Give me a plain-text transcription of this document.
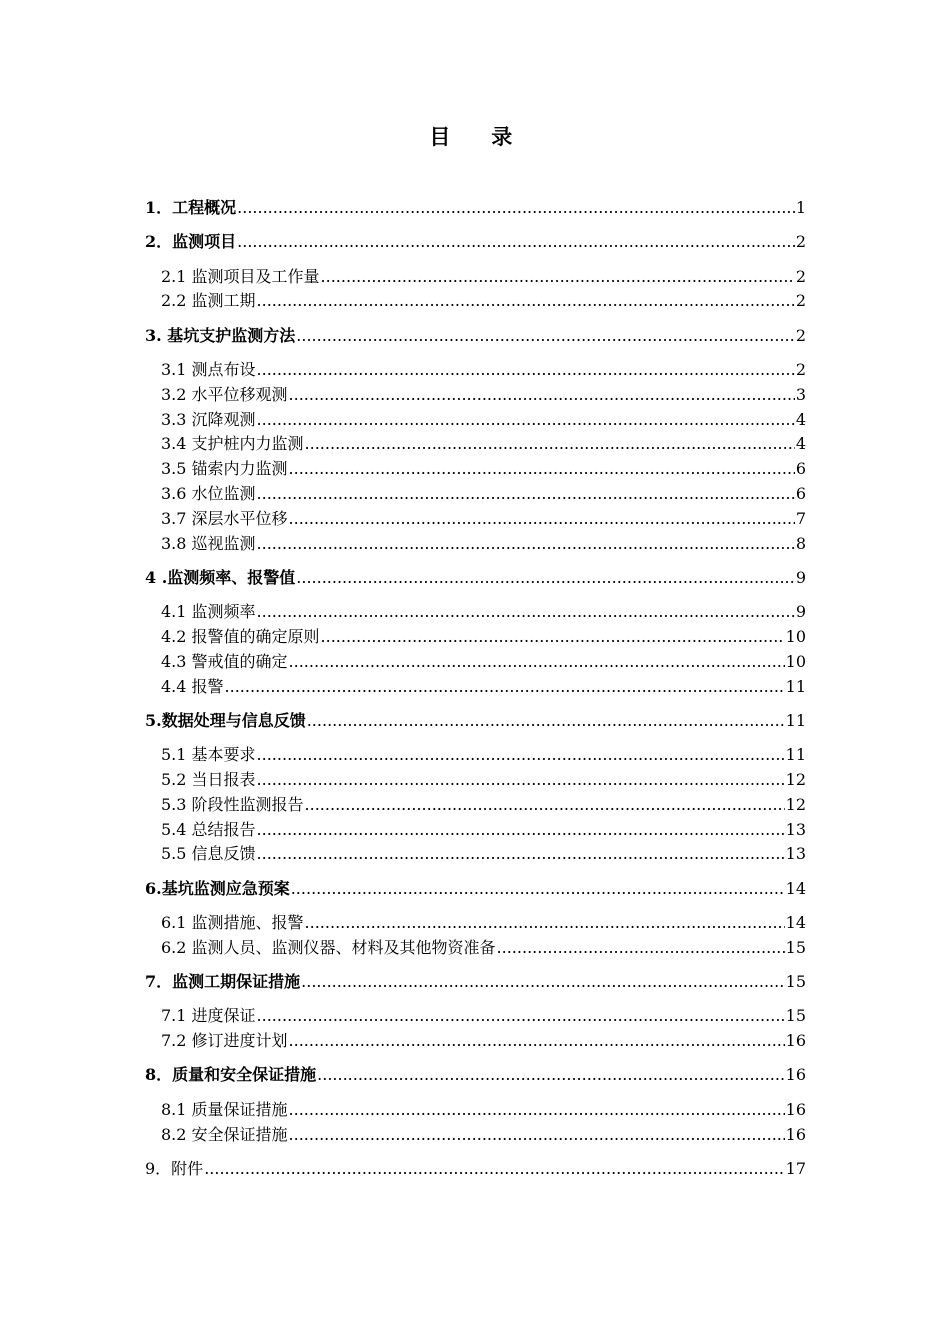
目 录
1．工程概况 .....	1
2．监测项目 .....	2
2.1 监测项目及工作量 .....	2
2.2 监测工期 .....	2
3. 基坑支护监测方法 .....	2
3.1 测点布设 .....	2
3.2 水平位移观测 .....	3
3.3 沉降观测 .....	4
3.4 支护桩内力监测 .....	4
3.5 锚索内力监测 .....	6
3.6 水位监测 .....	6
3.7 深层水平位移 .....	7
3.8 巡视监测 .....	8
4 .监测频率、报警值 .....	9
4.1 监测频率 .....	9
4.2 报警值的确定原则 .....	10
4.3 警戒值的确定 .....	10
4.4 报警 .....	11
5.数据处理与信息反馈 .....	11
5.1 基本要求 .....	11
5.2 当日报表 .....	12
5.3 阶段性监测报告 .....	12
5.4 总结报告 .....	13
5.5 信息反馈 .....	13
6.基坑监测应急预案 .....	14
6.1 监测措施、报警 .....	14
6.2 监测人员、监测仪器、材料及其他物资准备 .....	15
7．监测工期保证措施 .....	15
7.1 进度保证 .....	15
7.2 修订进度计划 .....	16
8．质量和安全保证措施 .....	16
8.1 质量保证措施 .....	16
8.2 安全保证措施 .....	16
9．附件 .....	17
